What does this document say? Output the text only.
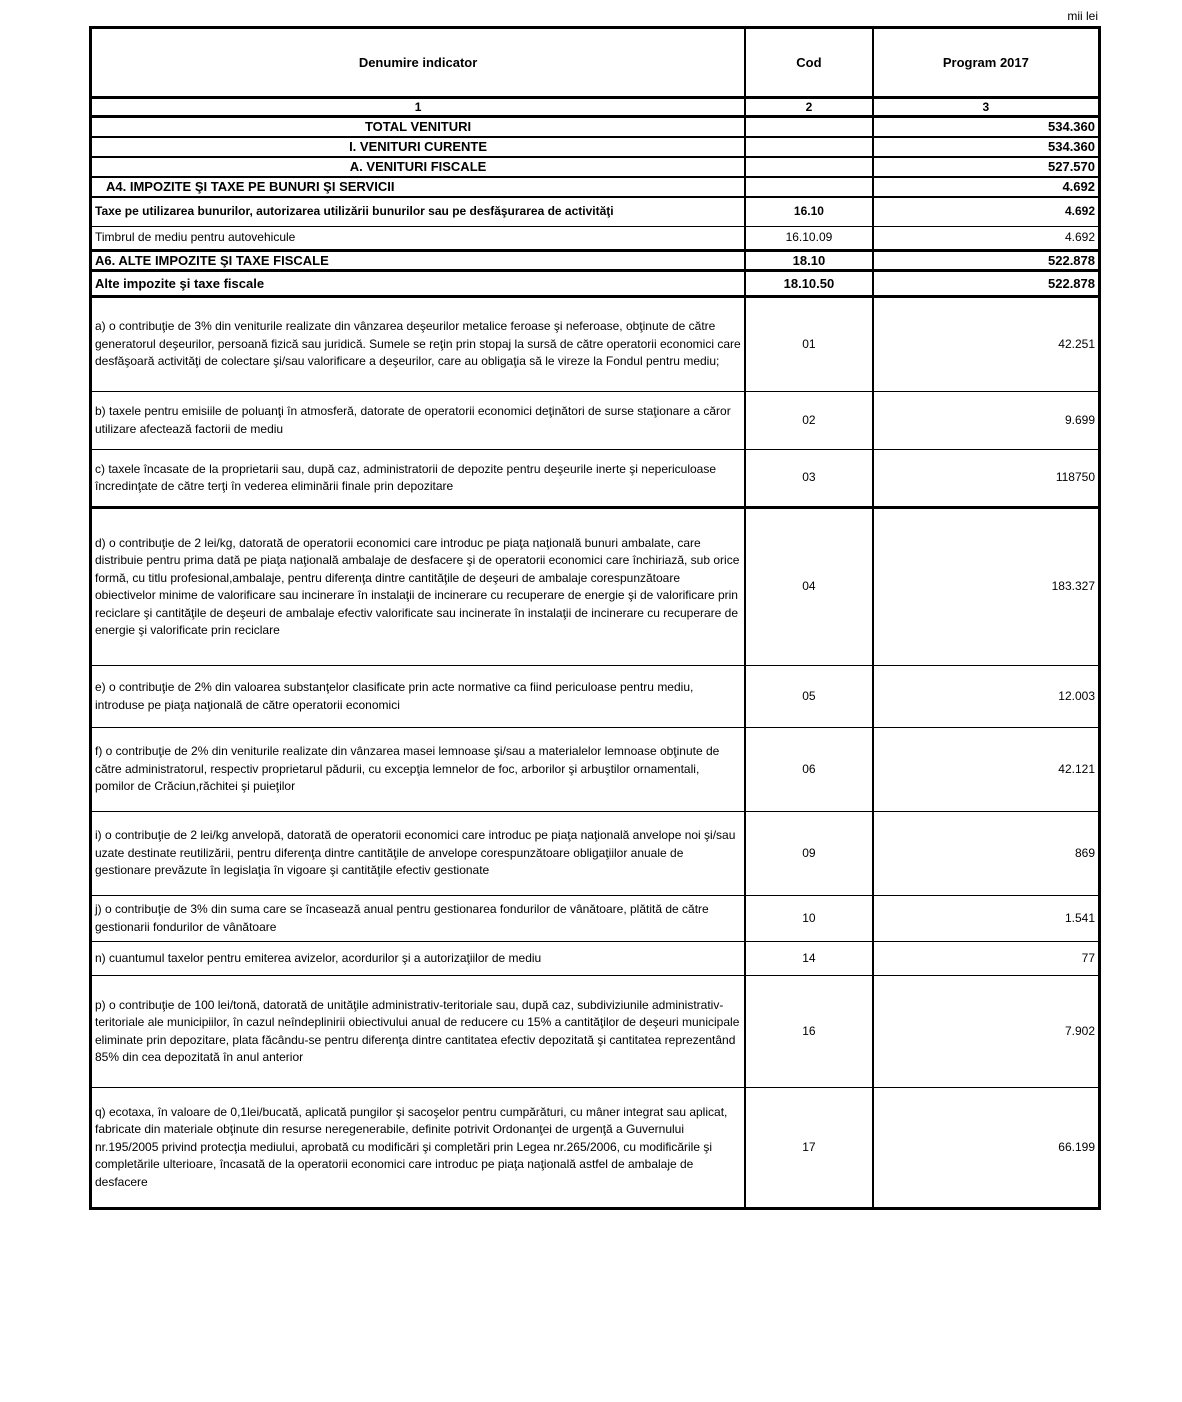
mii lei
Denumire indicator	Cod	Program 2017
1	2	3
TOTAL VENITURI		534.360
I. VENITURI CURENTE		534.360
A. VENITURI FISCALE		527.570
A4. IMPOZITE ŞI TAXE PE BUNURI ŞI SERVICII		4.692
Taxe pe utilizarea bunurilor, autorizarea utilizării bunurilor sau pe desfăşurarea de activităţi	16.10	4.692
Timbrul de mediu pentru autovehicule	16.10.09	4.692
A6. ALTE IMPOZITE ŞI TAXE FISCALE	18.10	522.878
Alte impozite şi taxe fiscale	18.10.50	522.878
a) o contribuţie de 3% din veniturile realizate din vânzarea deşeurilor metalice feroase şi neferoase, obţinute de către generatorul deşeurilor, persoană fizică sau juridică. Sumele se reţin prin stopaj la sursă de către operatorii economici care desfăşoară activităţi de colectare şi/sau valorificare a deşeurilor, care au obligaţia să le vireze la Fondul pentru mediu;	01	42.251
b) taxele pentru emisiile de poluanţi în atmosferă, datorate de operatorii economici deţinători de surse staţionare a căror utilizare afectează factorii de mediu	02	9.699
c) taxele încasate de la proprietarii sau, după caz, administratorii de depozite pentru deşeurile inerte şi nepericuloase încredinţate de către terţi în vederea eliminării finale prin depozitare	03	118750
d) o contribuţie de 2 lei/kg, datorată de operatorii economici care introduc pe piaţa naţională bunuri ambalate, care distribuie pentru prima dată pe piaţa naţională ambalaje de desfacere şi de operatorii economici care închiriază, sub orice formă, cu titlu profesional,ambalaje, pentru diferenţa dintre cantităţile de deşeuri de ambalaje corespunzătoare obiectivelor minime de valorificare sau incinerare în instalaţii de incinerare cu recuperare de energie şi de valorificare prin reciclare şi cantităţile de deşeuri de ambalaje efectiv valorificate sau incinerate în instalaţii de incinerare cu recuperare de energie şi valorificate prin reciclare	04	183.327
e) o contribuţie de 2% din valoarea substanţelor clasificate prin acte normative ca fiind periculoase pentru mediu, introduse pe piaţa naţională de către operatorii economici	05	12.003
f) o contribuţie de 2% din veniturile realizate din vânzarea masei lemnoase şi/sau a materialelor lemnoase obţinute de către administratorul, respectiv proprietarul pădurii, cu excepţia lemnelor de foc, arborilor şi arbuştilor ornamentali, pomilor de Crăciun,răchitei şi puieţilor	06	42.121
i) o contribuţie de 2 lei/kg anvelopă, datorată de operatorii economici care introduc pe piaţa naţională anvelope noi şi/sau uzate destinate reutilizării, pentru diferenţa dintre cantităţile de anvelope corespunzătoare obligaţiilor anuale de gestionare prevăzute în legislaţia în vigoare şi cantităţile efectiv gestionate	09	869
j) o contribuţie de 3% din suma care se încasează anual pentru gestionarea fondurilor de vânătoare, plătită de către gestionarii fondurilor de vânătoare	10	1.541
n) cuantumul taxelor pentru emiterea avizelor, acordurilor şi a autorizaţiilor de mediu	14	77
p) o contribuţie de 100 lei/tonă, datorată de unităţile administrativ-teritoriale sau, după caz, subdiviziunile administrativ-teritoriale ale municipiilor, în cazul neîndeplinirii obiectivului anual de reducere cu 15% a cantităţilor de deşeuri municipale eliminate prin depozitare, plata făcându-se pentru diferenţa dintre cantitatea efectiv depozitată şi cantitatea reprezentând 85% din cea depozitată în anul anterior	16	7.902
q) ecotaxa, în valoare de 0,1lei/bucată, aplicată pungilor şi sacoşelor pentru cumpărături, cu mâner integrat sau aplicat, fabricate din materiale obţinute din resurse neregenerabile, definite potrivit Ordonanţei de urgenţă a Guvernului nr.195/2005 privind protecţia mediului, aprobată cu modificări şi completări prin Legea nr.265/2006, cu modificările şi completările ulterioare, încasată de la operatorii economici care introduc pe piaţa naţională astfel de ambalaje de desfacere	17	66.199
